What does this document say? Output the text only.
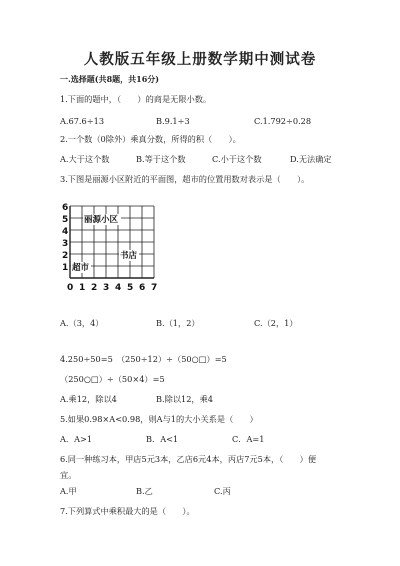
人教版五年级上册数学期中测试卷
一.选择题(共8题，共16分)
1.下面的题中，（　　）的商是无限小数。
A.67.6÷13	B.9.1÷3	C.1.792÷0.28
2.一个数（0除外）乘真分数，所得的积（　　）。
A.大于这个数	B.等于这个数	C.小于这个数	D.无法确定
3.下图是丽源小区附近的平面图，超市的位置用数对表示是（　　）。
6
5
4
3
2
1
0 1 2 3 4 5 6 7
丽源小区
书店
超市
A.（3，4）	B.（1，2）	C.（2，1）
4.250÷50=5　（250÷12）÷（50○□）=5
（250○□）÷（50×4）=5
A.乘12，除以4	B.除以12，乘4
5.如果0.98×A<0.98，则A与1的大小关系是（　　）
A．A>1	B．A<1	C．A=1
6.同一种练习本，甲店5元3本，乙店6元4本，丙店7元5本，（　　）便
宜。
A.甲	B.乙	C.丙
7.下列算式中乘积最大的是（　　）。
